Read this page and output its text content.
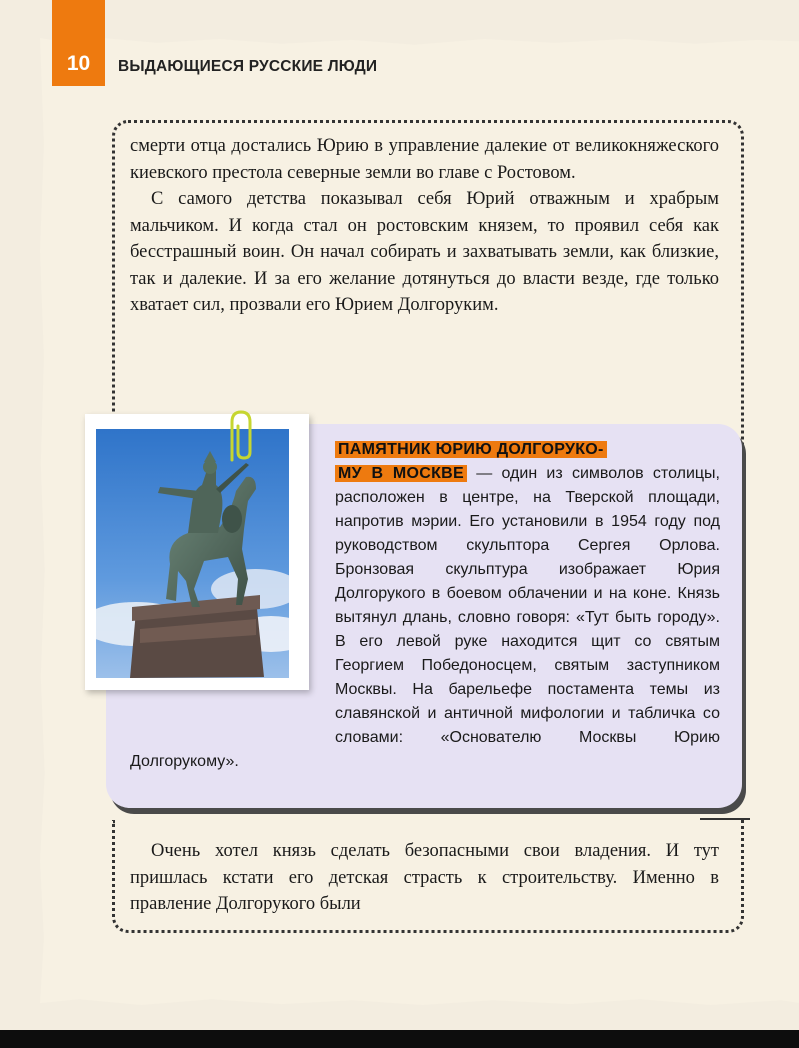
10	ВЫДАЮЩИЕСЯ РУССКИЕ ЛЮДИ

смерти отца достались Юрию в управление далекие от великокняжеского киевского престола северные земли во главе с Ростовом.

С самого детства показывал себя Юрий отважным и храбрым мальчиком. И когда стал он ростовским князем, то проявил себя как бесстрашный воин. Он начал собирать и захватывать земли, как близкие, так и далекие. И за его желание дотянуться до власти везде, где только хватает сил, прозвали его Юрием Долгоруким.

ПАМЯТНИК ЮРИЮ ДОЛГОРУКО-
МУ В МОСКВЕ — один из символов столицы, расположен в центре, на Тверской площади, напротив мэрии. Его установили в 1954 году под руководством скульптора Сергея Орлова. Бронзовая скульптура изображает Юрия Долгорукого в боевом облачении и на коне. Князь вытянул длань, словно говоря: «Тут быть городу». В его левой руке находится щит со святым Георгием Победоносцем, святым заступником Москвы. На барельефе постамента темы из славянской и античной мифологии и табличка со словами: «Основателю Москвы Юрию Долгорукому».

Очень хотел князь сделать безопасными свои владения. И тут пришлась кстати его детская страсть к строительству. Именно в правление Долгорукого были
